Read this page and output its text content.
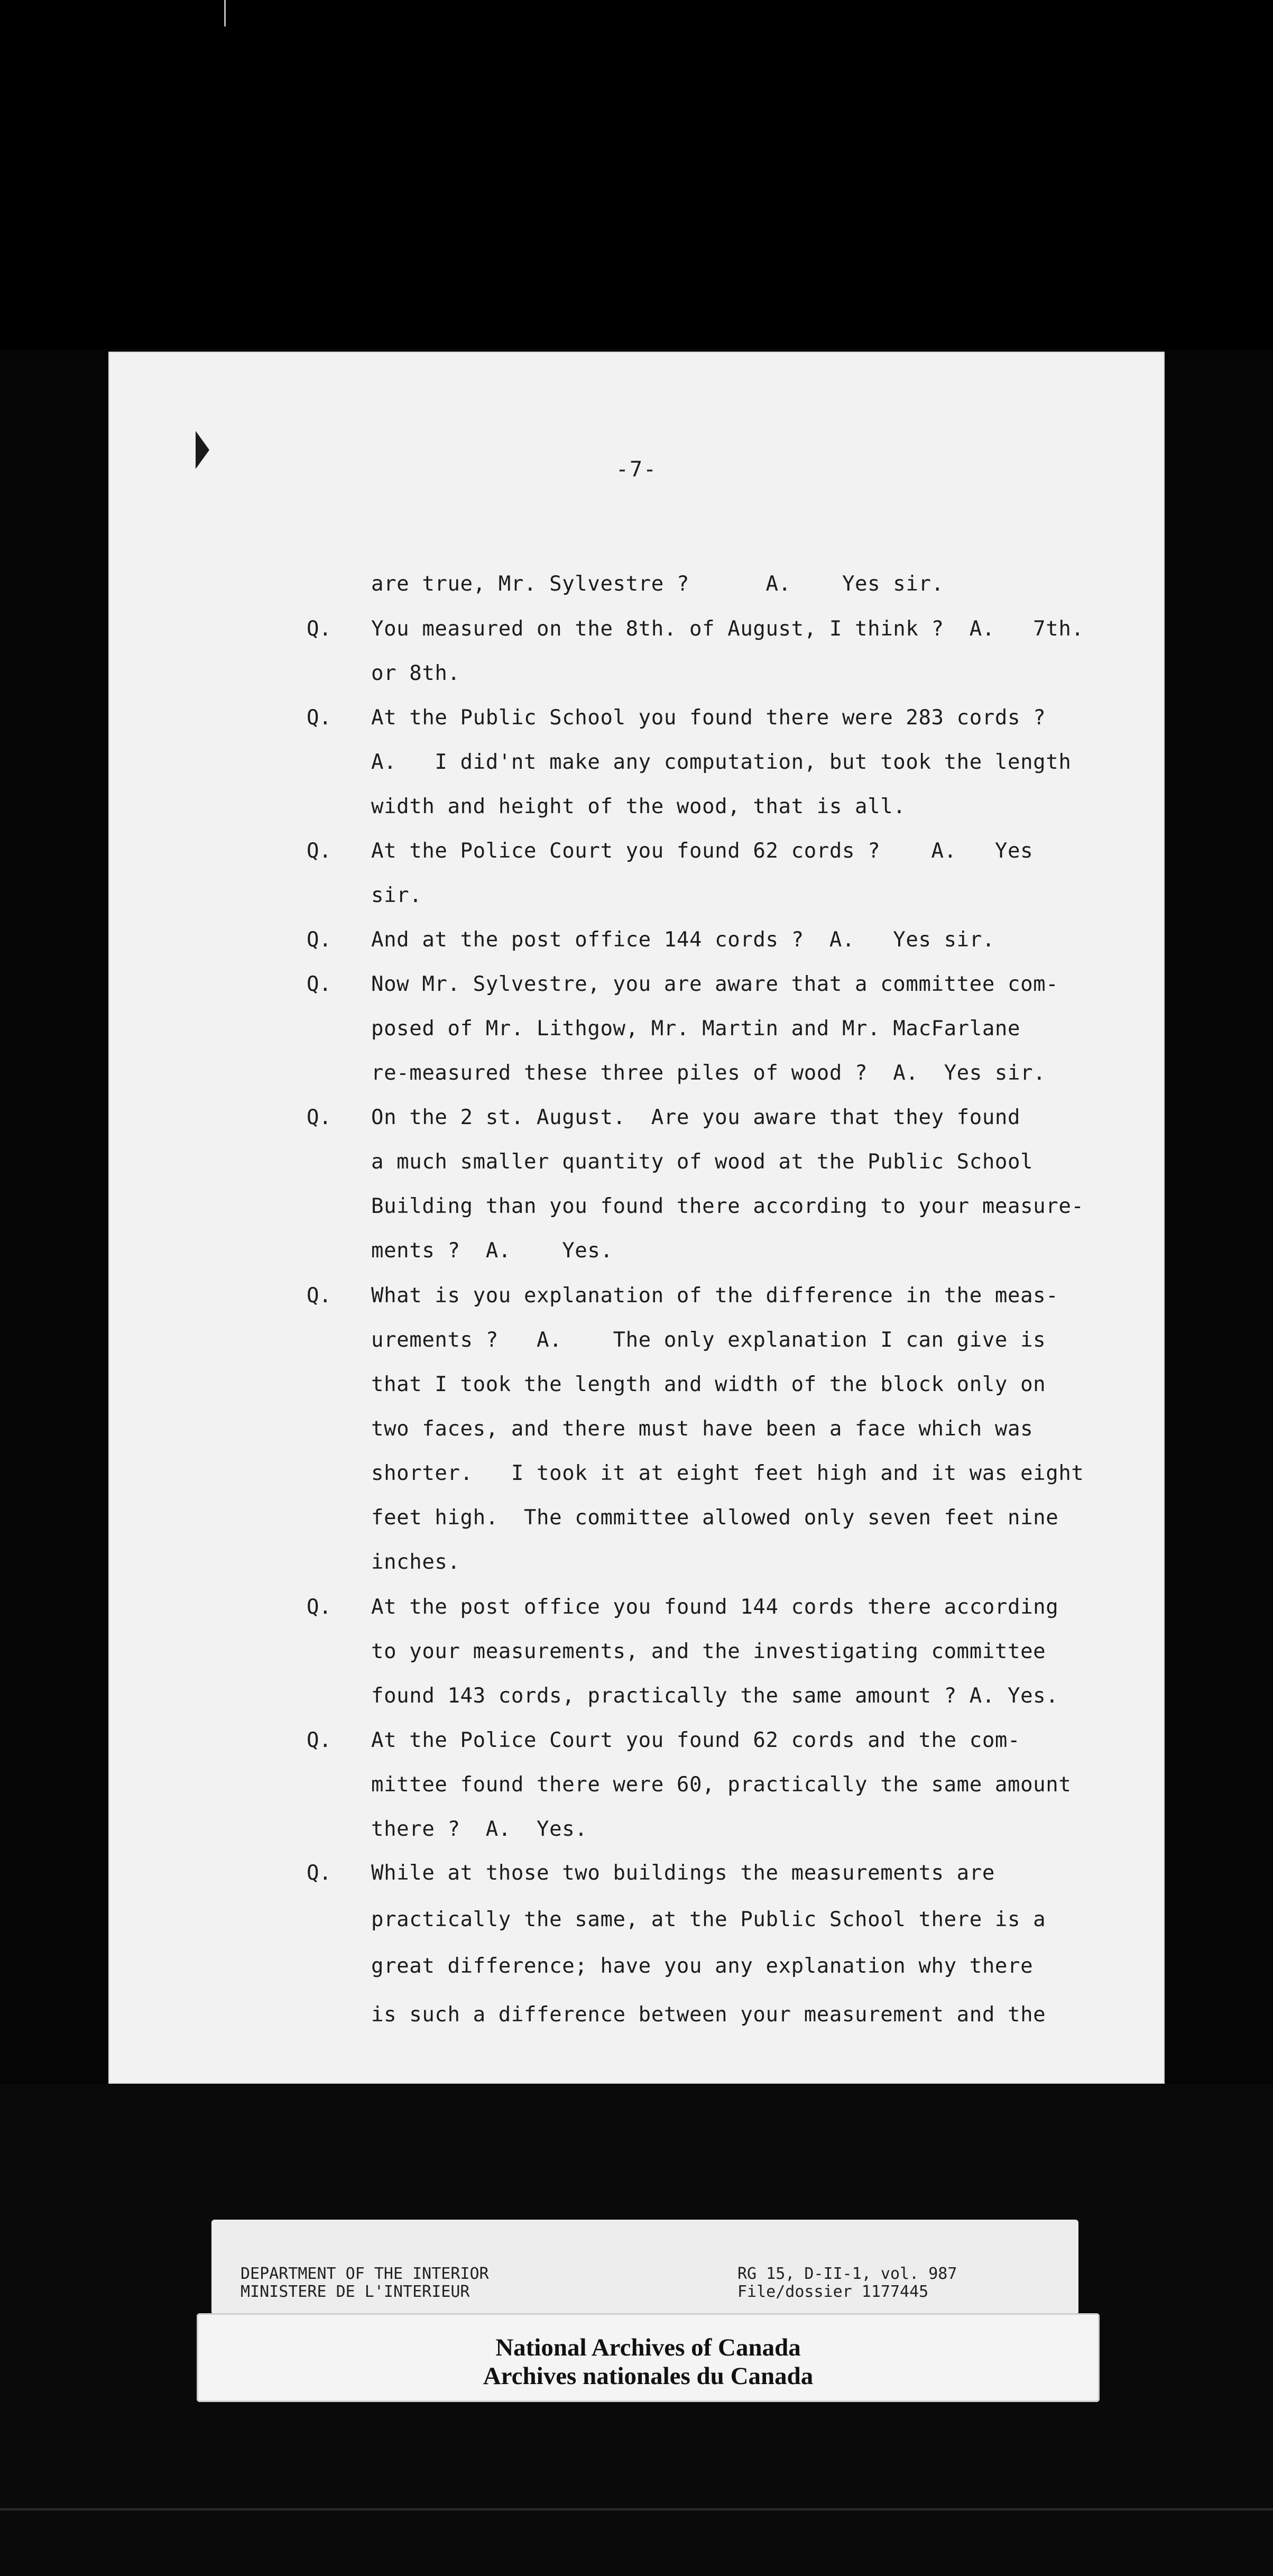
-7-
are true, Mr. Sylvestre ?      A.    Yes sir.
Q. You measured on the 8th. of August, I think ?  A.   7th.
or 8th.
Q. At the Public School you found there were 283 cords ?
A.   I did'nt make any computation, but took the length
width and height of the wood, that is all.
Q. At the Police Court you found 62 cords ?    A.   Yes
sir.
Q. And at the post office 144 cords ?  A.   Yes sir.
Q. Now Mr. Sylvestre, you are aware that a committee com-
posed of Mr. Lithgow, Mr. Martin and Mr. MacFarlane
re-measured these three piles of wood ?  A.  Yes sir.
Q. On the 2 st. August.  Are you aware that they found
a much smaller quantity of wood at the Public School
Building than you found there according to your measure-
ments ?  A.    Yes.
Q. What is you explanation of the difference in the meas-
urements ?   A.    The only explanation I can give is
that I took the length and width of the block only on
two faces, and there must have been a face which was
shorter.   I took it at eight feet high and it was eight
feet high.  The committee allowed only seven feet nine
inches.
Q. At the post office you found 144 cords there according
to your measurements, and the investigating committee
found 143 cords, practically the same amount ? A. Yes.
Q. At the Police Court you found 62 cords and the com-
mittee found there were 60, practically the same amount
there ?  A.  Yes.
Q. While at those two buildings the measurements are
practically the same, at the Public School there is a
great difference; have you any explanation why there
is such a difference between your measurement and the
DEPARTMENT OF THE INTERIOR
MINISTERE DE L'INTERIEUR
RG 15, D-II-1, vol. 987
File/dossier 1177445
National Archives of Canada
Archives nationales du Canada
